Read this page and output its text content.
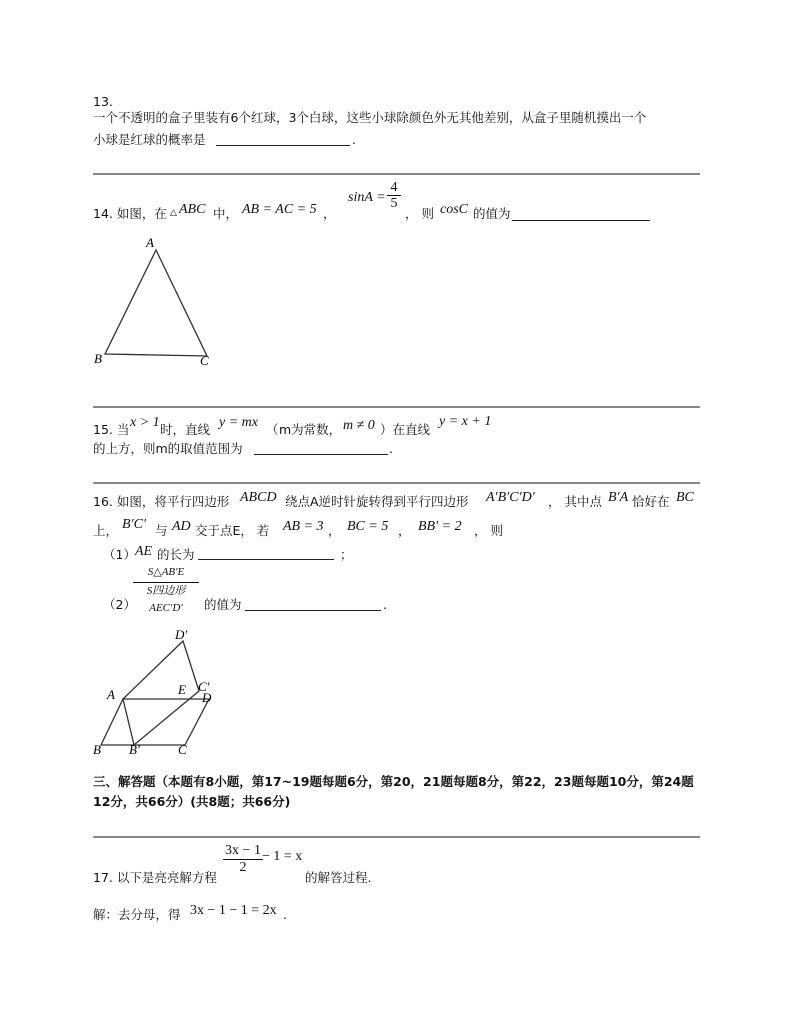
13.
一个不透明的盒子里装有6个红球，3个白球，这些小球除颜色外无其他差别，从盒子里随机摸出一个
小球是红球的概率是	.
14. 如图，在 △ ABC 中， AB = AC = 5 ，
sinA =
4
5
， 则 cosC 的值为
A
B	C
15. 当 x > 1 时，直线 y = mx （ m为常数， m ≠ 0 ）在直线
y = x + 1
的上方，则m的取值范围为	.
16. 如图，将平行四边形 ABCD 绕点A逆时针旋转得到平行四边形 A′B′C′D′ ， 其中点 B′A 恰好在 BC
上， B′C′ 与 AD 交于点E， 若 AB = 3 ， BC = 5 ， BB′ = 2 ， 则
（1） AE 的长为	；
（2）
S△AB′E
S四边形AEC′D′	的值为	.
D′
A	E C′
D
B B′	C
三、解答题（本题有8小题，第17~19题每题6分，第20，21题每题8分，第22，23题每题10分，第24题
12分，共66分）(共8题；共66分)
17. 以下是亮亮解方程
3x − 1
2
− 1 = x
的解答过程.
解：去分母，得 3x − 1 − 1 = 2x .
